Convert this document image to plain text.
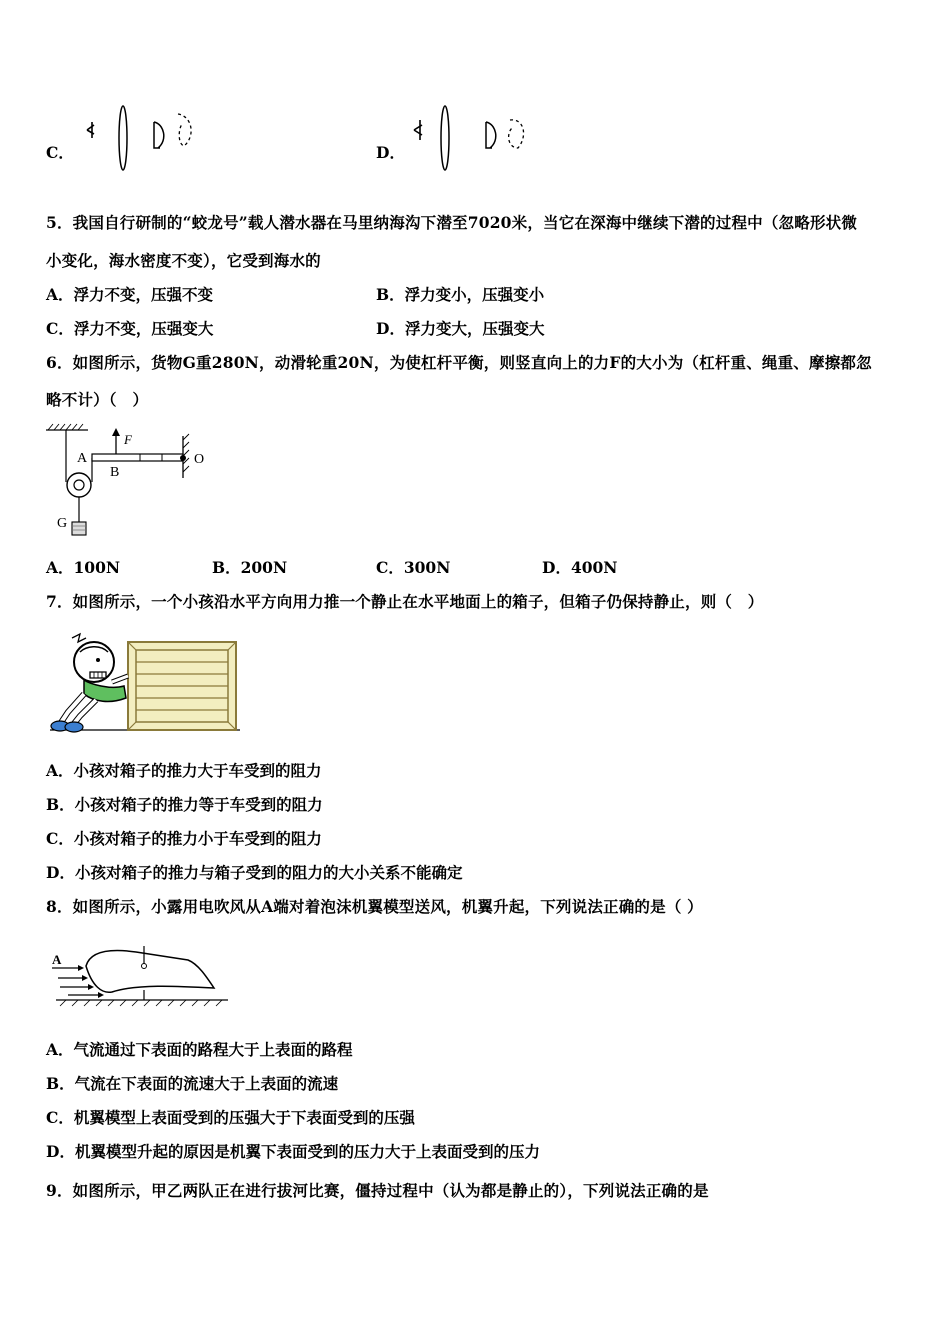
C．	D．
5．我国自行研制的“蛟龙号”载人潜水器在马里纳海沟下潜至7020米，当它在深海中继续下潜的过程中（忽略形状微
小变化，海水密度不变），它受到海水的
A．浮力不变，压强不变	B．浮力变小，压强变小
C．浮力不变，压强变大	D．浮力变大，压强变大
6．如图所示，货物G重280N，动滑轮重20N，为使杠杆平衡，则竖直向上的力F的大小为（杠杆重、绳重、摩擦都忽
略不计）（　）
A
B
O
F
G
A．100N	B．200N	C．300N	D．400N
7．如图所示，一个小孩沿水平方向用力推一个静止在水平地面上的箱子，但箱子仍保持静止，则（　）
A．小孩对箱子的推力大于车受到的阻力
B．小孩对箱子的推力等于车受到的阻力
C．小孩对箱子的推力小于车受到的阻力
D．小孩对箱子的推力与箱子受到的阻力的大小关系不能确定
8．如图所示，小露用电吹风从A端对着泡沫机翼模型送风，机翼升起，下列说法正确的是（ ）
A
A．气流通过下表面的路程大于上表面的路程
B．气流在下表面的流速大于上表面的流速
C．机翼模型上表面受到的压强大于下表面受到的压强
D．机翼模型升起的原因是机翼下表面受到的压力大于上表面受到的压力
9．如图所示，甲乙两队正在进行拔河比赛，僵持过程中（认为都是静止的），下列说法正确的是
